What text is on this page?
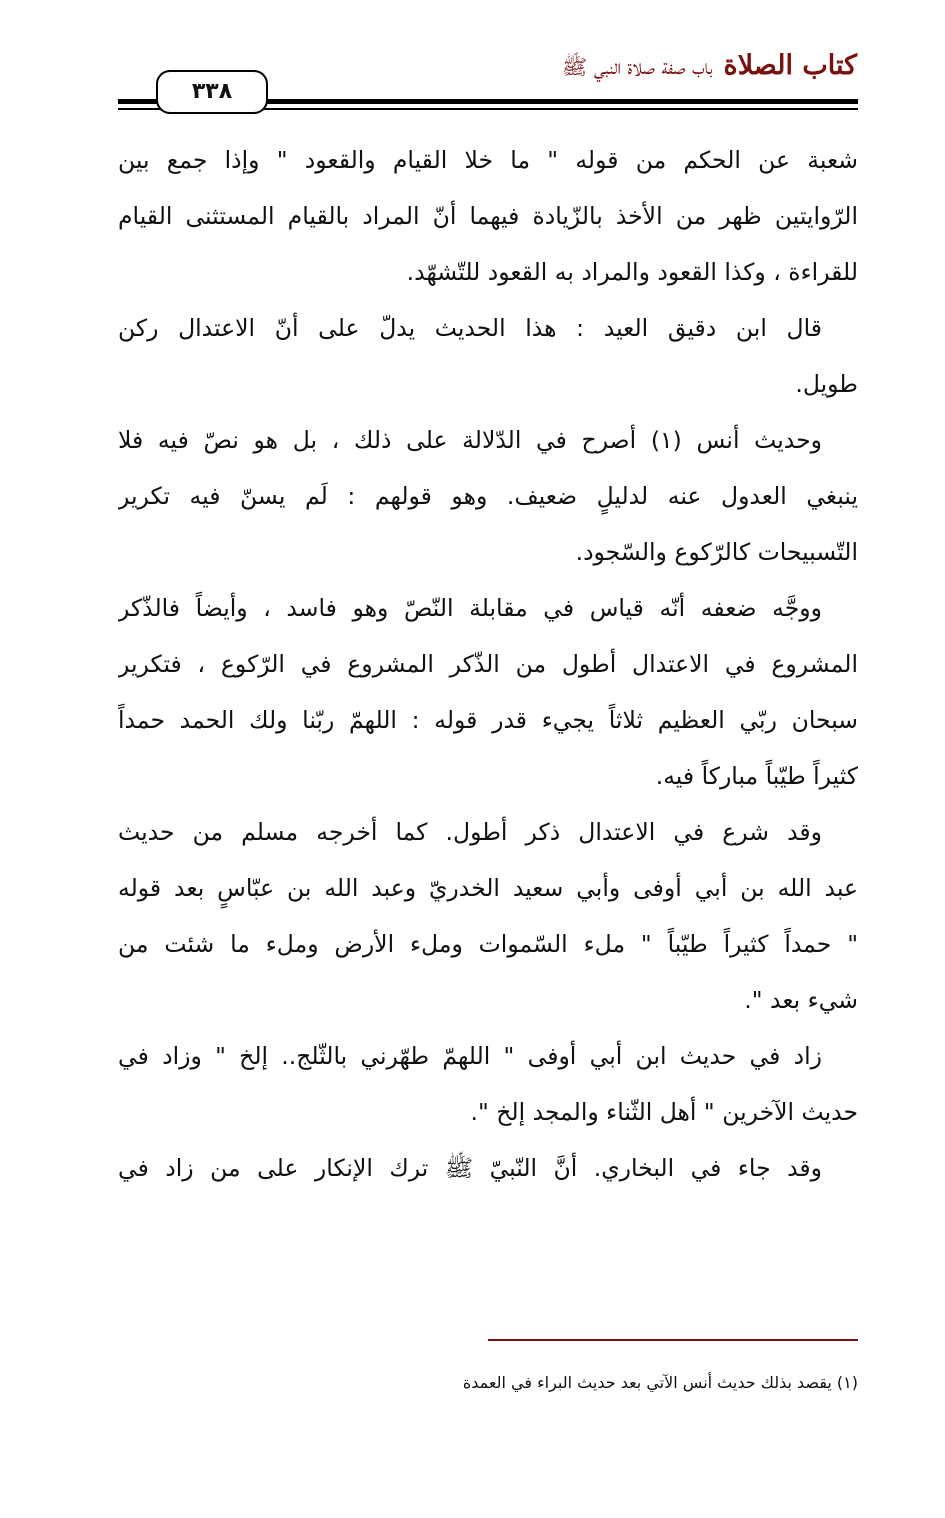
كتاب الصلاة باب صفة صلاة النبي ﷺ
٣٣٨
شعبة عن الحكم من قوله " ما خلا القيام والقعود " وإذا جمع بين
الرّوايتين ظهر من الأخذ بالزّيادة فيهما أنّ المراد بالقيام المستثنى القيام
للقراءة ، وكذا القعود والمراد به القعود للتّشهّد.
قال ابن دقيق العيد : هذا الحديث يدلّ على أنّ الاعتدال ركن
طويل.
وحديث أنس (١) أصرح في الدّلالة على ذلك ، بل هو نصّ فيه فلا
ينبغي العدول عنه لدليلٍ ضعيف. وهو قولهم : لَم يسنّ فيه تكرير
التّسبيحات كالرّكوع والسّجود.
ووجَّه ضعفه أنّه قياس في مقابلة النّصّ وهو فاسد ، وأيضاً فالذّكر
المشروع في الاعتدال أطول من الذّكر المشروع في الرّكوع ، فتكرير
سبحان ربّي العظيم ثلاثاً يجيء قدر قوله : اللهمّ ربّنا ولك الحمد حمداً
كثيراً طيّباً مباركاً فيه.
وقد شرع في الاعتدال ذكر أطول. كما أخرجه مسلم من حديث
عبد الله بن أبي أوفى وأبي سعيد الخدريّ وعبد الله بن عبّاسٍ بعد قوله
" حمداً كثيراً طيّباً " ملء السّموات وملء الأرض وملء ما شئت من
شيء بعد ".
زاد في حديث ابن أبي أوفى " اللهمّ طهّرني بالثّلج.. إلخ " وزاد في
حديث الآخرين " أهل الثّناء والمجد إلخ ".
وقد جاء في البخاري. أنَّ النّبيّ ﷺ ترك الإنكار على من زاد في
(١) يقصد بذلك حديث أنس الآتي بعد حديث البراء في العمدة
